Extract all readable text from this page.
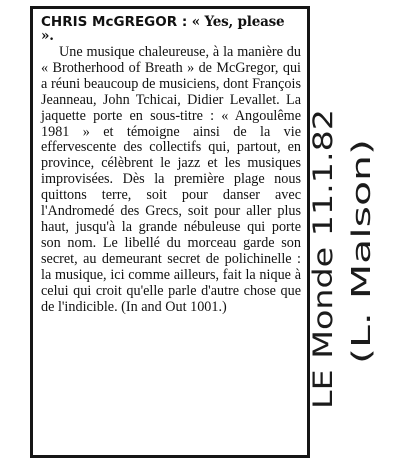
CHRIS McGREGOR : « Yes, please ».

Une musique chaleureuse, à la manière du « Brotherhood of Breath » de McGregor, qui a réuni beaucoup de musiciens, dont François Jeanneau, John Tchicai, Didier Levallet. La jaquette porte en sous-titre : « Angoulême 1981 » et témoigne ainsi de la vie effervescente des collectifs qui, partout, en province, célèbrent le jazz et les musiques improvisées. Dès la première plage nous quittons terre, soit pour danser avec l'Andromedé des Grecs, soit pour aller plus haut, jusqu'à la grande nébuleuse qui porte son nom. Le libellé du morceau garde son secret, au demeurant secret de polichinelle : la musique, ici comme ailleurs, fait la nique à celui qui croit qu'elle parle d'autre chose que de l'indicible. (In and Out 1001.)	LE Monde 11.1.82 (L. Malson)
